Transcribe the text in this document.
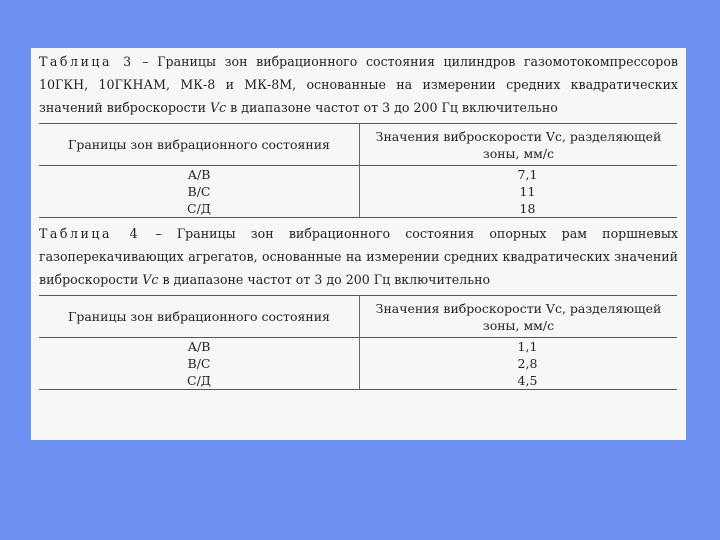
Таблица 3 – Границы зон вибрационного состояния цилиндров газомотокомпрессоров 10ГКН, 10ГКНАМ, МК-8 и МК-8М, основанные на измерении средних квадратических значений виброскорости Vс в диапазоне частот от 3 до 200 Гц включительно

Границы зон вибрационного состояния	Значения виброскорости Vс, разделяющей зоны, мм/с
А/В	7,1
В/С	11
С/Д	18

Таблица 4 – Границы зон вибрационного состояния опорных рам поршневых газоперекачивающих агрегатов, основанные на измерении средних квадратических значений виброскорости Vс в диапазоне частот от 3 до 200 Гц включительно

Границы зон вибрационного состояния	Значения виброскорости Vс, разделяющей зоны, мм/с
А/В	1,1
В/С	2,8
С/Д	4,5
